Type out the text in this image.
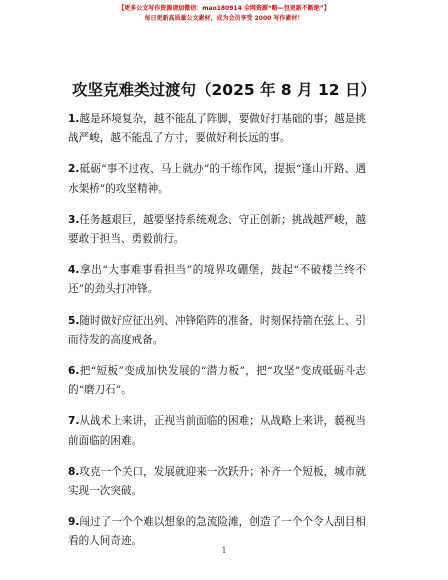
【更多公文写作资源请加微信：mao180914 全网资源“略—包更新不断绝”】
每日更新高质量公文素材，成为会员享受 2000 写作素材！
攻坚克难类过渡句（2025 年 8 月 12 日）

1.越是环境复杂，越不能乱了阵脚，要做好打基础的事；越是挑战严峻，越不能乱了方寸，要做好利长远的事。

2.砥砺“事不过夜、马上就办”的干练作风，提振“逢山开路、遇水架桥”的攻坚精神。

3.任务越艰巨，越要坚持系统观念、守正创新；挑战越严峻，越要敢于担当、勇毅前行。

4.拿出“大事难事看担当”的境界攻硼堡，鼓起“不破楼兰终不还”的劲头打冲锋。

5.随时做好应征出列、冲锋陷阵的准备，时刻保持箭在弦上、引而待发的高度戒备。

6.把“短板”变成加快发展的“潜力板”，把“攻坚”变成砥砺斗志的“磨刀石”。

7.从战术上来讲，正视当前面临的困难；从战略上来讲，藐视当前面临的困难。

8.攻克一个关口，发展就迎来一次跃升；补齐一个短板，城市就实现一次突破。

9.闯过了一个个难以想象的急流险滩，创造了一个个令人刮目相看的人间奇迹。

1
